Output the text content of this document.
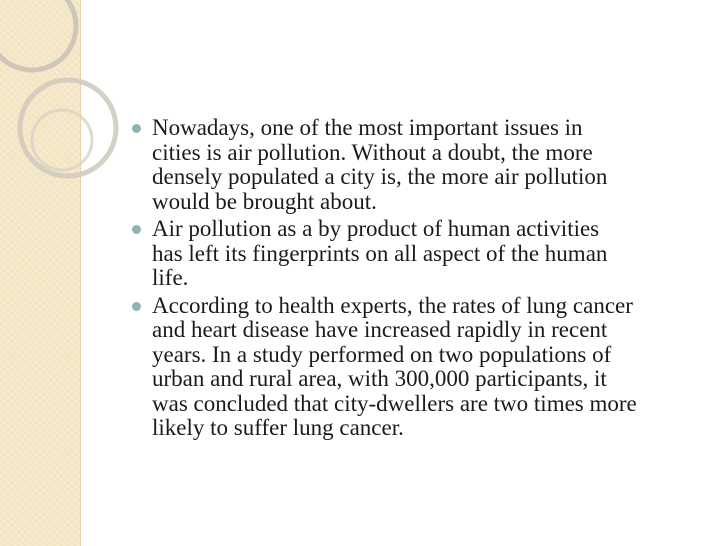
Nowadays, one of the most important issues in
cities is air pollution. Without a doubt, the more
densely populated a city is, the more air pollution
would be brought about.
Air pollution as a by product of human activities
has left its fingerprints on all aspect of the human
life.
According to health experts, the rates of lung cancer
and heart disease have increased rapidly in recent
years. In a study performed on two populations of
urban and rural area, with 300,000 participants, it
was concluded that city-dwellers are two times more
likely to suffer lung cancer.
